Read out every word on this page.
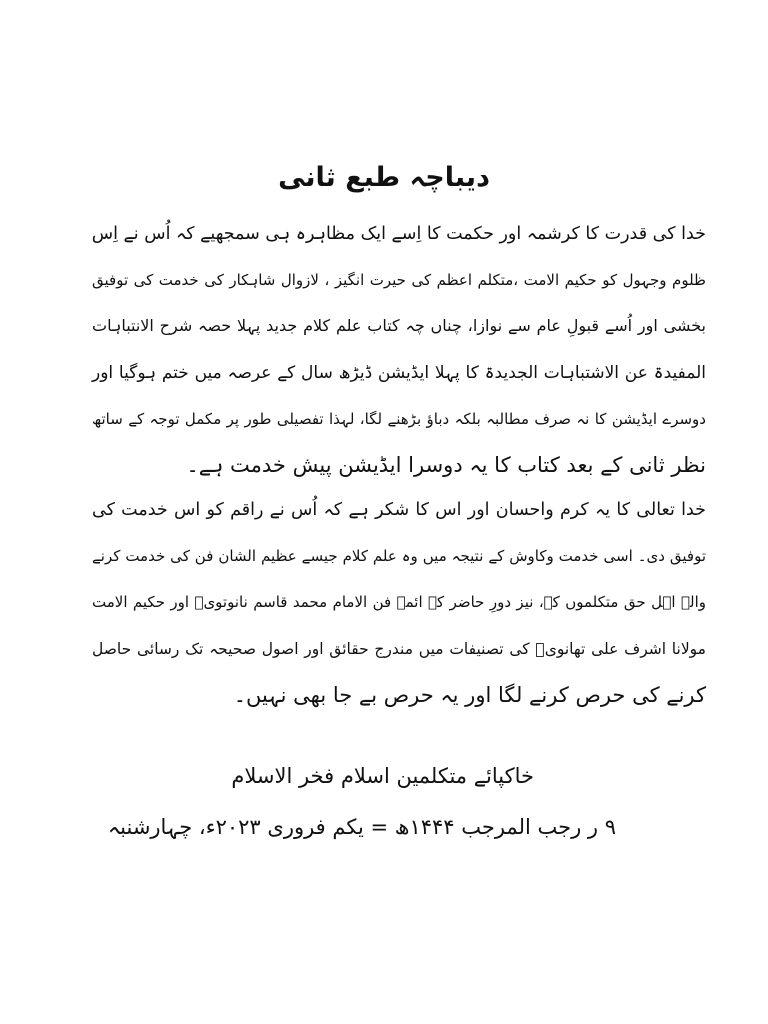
دیباچہ طبع ثانی
خدا کی قدرت کا کرشمہ اور حکمت کا اِسے ایک مظاہرہ ہی سمجھیے کہ اُس نے اِس
ظلوم وجہول کو حکیم الامت ،متکلم اعظم کی حیرت انگیز ، لازوال شاہکار کی خدمت کی توفیق
بخشی اور اُسے قبولِ عام سے نوازا، چناں چہ کتاب علم کلام جدید پہلا حصہ شرح الانتباہات
المفیدۃ عن الاشتباہات الجدیدۃ کا پہلا ایڈیشن ڈیڑھ سال کے عرصہ میں ختم ہوگیا اور
دوسرے ایڈیشن کا نہ صرف مطالبہ بلکہ دباؤ بڑھنے لگا، لہذا تفصیلی طور پر مکمل توجہ کے ساتھ
نظر ثانی کے بعد کتاب کا یہ دوسرا ایڈیشن پیش خدمت ہے۔
خدا تعالی کا یہ کرم واحسان اور اس کا شکر ہے کہ اُس نے راقم کو اس خدمت کی
توفیق دی۔ اسی خدمت وکاوش کے نتیجہ میں وہ علم کلام جیسے عظیم الشان فن کی خدمت کرنے
والے اہل حق متکلموں کے، نیز دورِ حاضر کے ائمۂ فن الامام محمد قاسم نانوتویؒ اور حکیم الامت
مولانا اشرف علی تھانویؒ کی تصنیفات میں مندرج حقائق اور اصول صحیحہ تک رسائی حاصل
کرنے کی حرص کرنے لگا اور یہ حرص بے جا بھی نہیں۔
خاکپائے متکلمین اسلام فخر الاسلام
۹ ر رجب المرجب ۱۴۴۴ھ = یکم فروری ۲۰۲۳ء، چہارشنبہ
